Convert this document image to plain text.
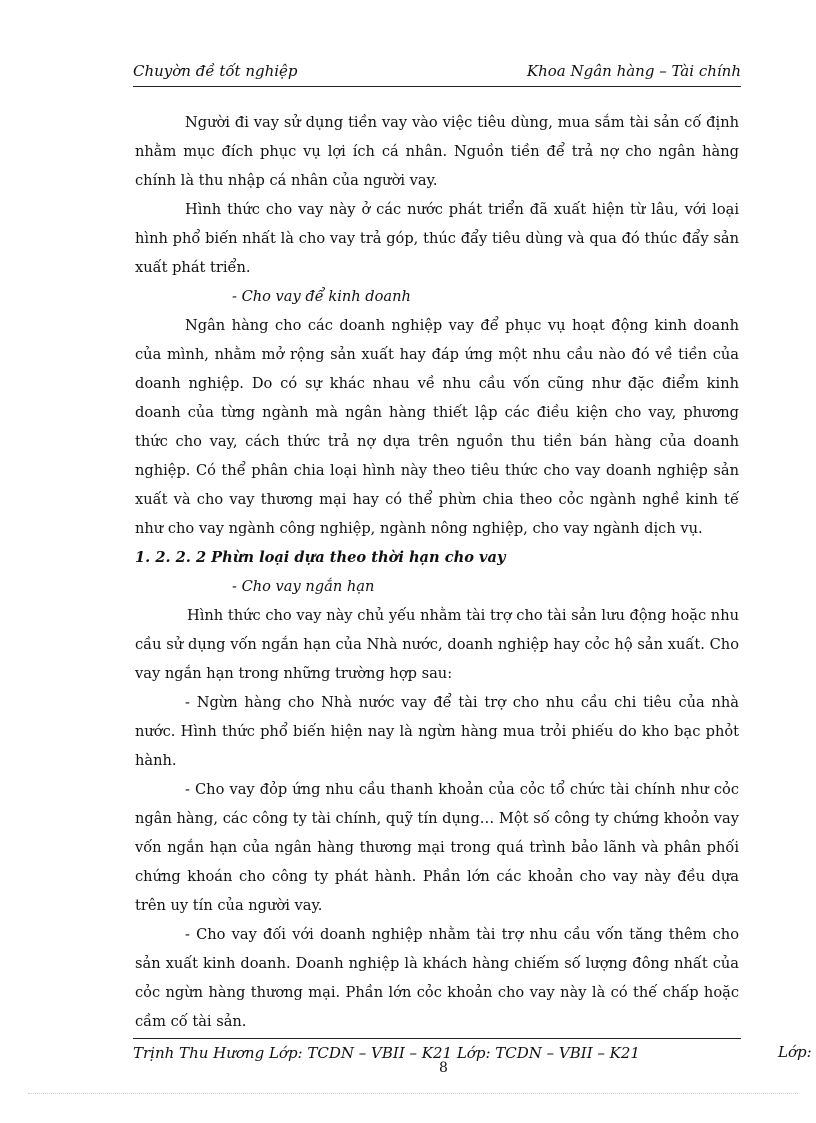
Chuyờn đề tốt nghiệp	Khoa Ngân hàng – Tài chính

Người đi vay sử dụng tiền vay vào việc tiêu dùng, mua sắm tài sản cố định nhằm mục đích phục vụ lợi ích cá nhân. Nguồn tiền để trả nợ cho ngân hàng chính là thu nhập cá nhân của người vay.

Hình thức cho vay này ở các nước phát triển đã xuất hiện từ lâu, với loại hình phổ biến nhất là cho vay trả góp, thúc đẩy tiêu dùng và qua đó thúc đẩy sản xuất phát triển.

- Cho vay để kinh doanh

Ngân hàng cho các doanh nghiệp vay để phục vụ hoạt động kinh doanh của mình, nhằm mở rộng sản xuất hay đáp ứng một nhu cầu nào đó về tiền của doanh nghiệp. Do có sự khác nhau về nhu cầu vốn cũng như đặc điểm kinh doanh của từng ngành mà ngân hàng thiết lập các điều kiện cho vay, phương thức cho vay, cách thức trả nợ dựa trên nguồn thu tiền bán hàng của doanh nghiệp. Có thể phân chia loại hình này theo tiêu thức cho vay doanh nghiệp sản xuất và cho vay thương mại hay có thể phừn chia theo cỏc ngành nghề kinh tế như cho vay ngành công nghiệp, ngành nông nghiệp, cho vay ngành dịch vụ.

1. 2. 2. 2 Phừn loại dựa theo thời hạn cho vay

- Cho vay ngắn hạn

Hình thức cho vay này chủ yếu nhằm tài trợ cho tài sản lưu động hoặc nhu cầu sử dụng vốn ngắn hạn của Nhà nước, doanh nghiệp hay cỏc hộ sản xuất. Cho vay ngắn hạn trong những trường hợp sau:

- Ngừn hàng cho Nhà nước vay để tài trợ cho nhu cầu chi tiêu của nhà nước. Hình thức phổ biến hiện nay là ngừn hàng mua trỏi phiếu do kho bạc phỏt hành.

- Cho vay đỏp ứng nhu cầu thanh khoản của cỏc tổ chức tài chính như cỏc ngân hàng, các công ty tài chính, quỹ tín dụng… Một số công ty chứng khoỏn vay vốn ngắn hạn của ngân hàng thương mại trong quá trình bảo lãnh và phân phối chứng khoán cho công ty phát hành. Phần lớn các khoản cho vay này đều dựa trên uy tín của người vay.

- Cho vay đối với doanh nghiệp nhằm tài trợ nhu cầu vốn tăng thêm cho sản xuất kinh doanh. Doanh nghiệp là khách hàng chiếm số lượng đông nhất của cỏc ngừn hàng thương mại. Phần lớn cỏc khoản cho vay này là có thế chấp hoặc cầm cố tài sản.

Trịnh Thu Hương Lớp: TCDN – VBII – K21 Lớp: TCDN – VBII – K21
8
Lớp:
